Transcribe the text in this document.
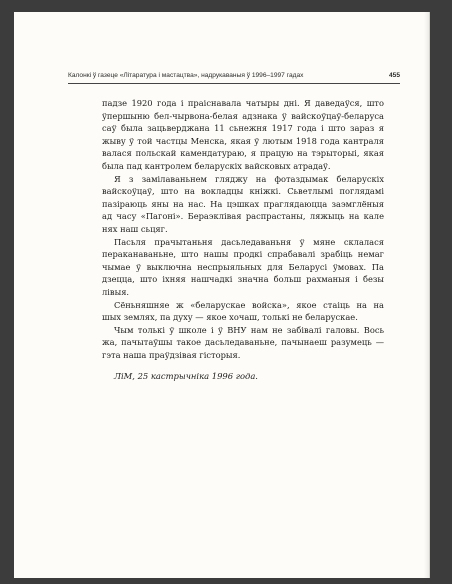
Калонкі ў газеце «Літаратура і мастацтва», надрукаваныя ў 1996–1997 гадах	455

падзе 1920 года і праіснавала чатыры дні. Я даведаўся, што
ўпершыню бел-чырвона-белая адзнака ў вайскоўцаў-беларуса
саў была зацьверджана 11 сьнежня 1917 года і што зараз я
жыву ў той частцы Менска, якая ў лютым 1918 года кантраля
валася польскай камендатураю, я працую на тэрыторыі, якая
была пад кантролем беларускіх вайсковых атрадаў.

Я з замілаваньнем гляджу на фотаздымак беларускіх
вайскоўцаў, што на вокладцы кніжкі. Сьветлымі поглядамі
пазіраюць яны на нас. На цэшках праглядаюцца заэмглёныя
ад часу «Пагоні». Бераэклівая распрастаны, ляжыць на кале
нях наш сьцяг.

Пасьля прачытаньня дасьледаваньня ў мяне склалася
пераканаваньне, што нашы продкі спрабавалі зрабіць немаг
чымае ў выключна неспрыяльных для Беларусі ўмовах. Па
дзецца, што іхняя нашчадкі значна больш рахманыя і безы
лівыя.

Сёньняшняе ж «беларускае войска», якое стаіць на на
шых землях, па духу — якое хочаш, толькі не беларускае.

Чым толькі ў школе і ў ВНУ нам не забівалі галовы. Вось
жа, пачытаўшы такое дасьледаваньне, пачынаеш разумець —
гэта наша праўдзівая гісторыя.

ЛіМ, 25 кастрычніка 1996 года.
